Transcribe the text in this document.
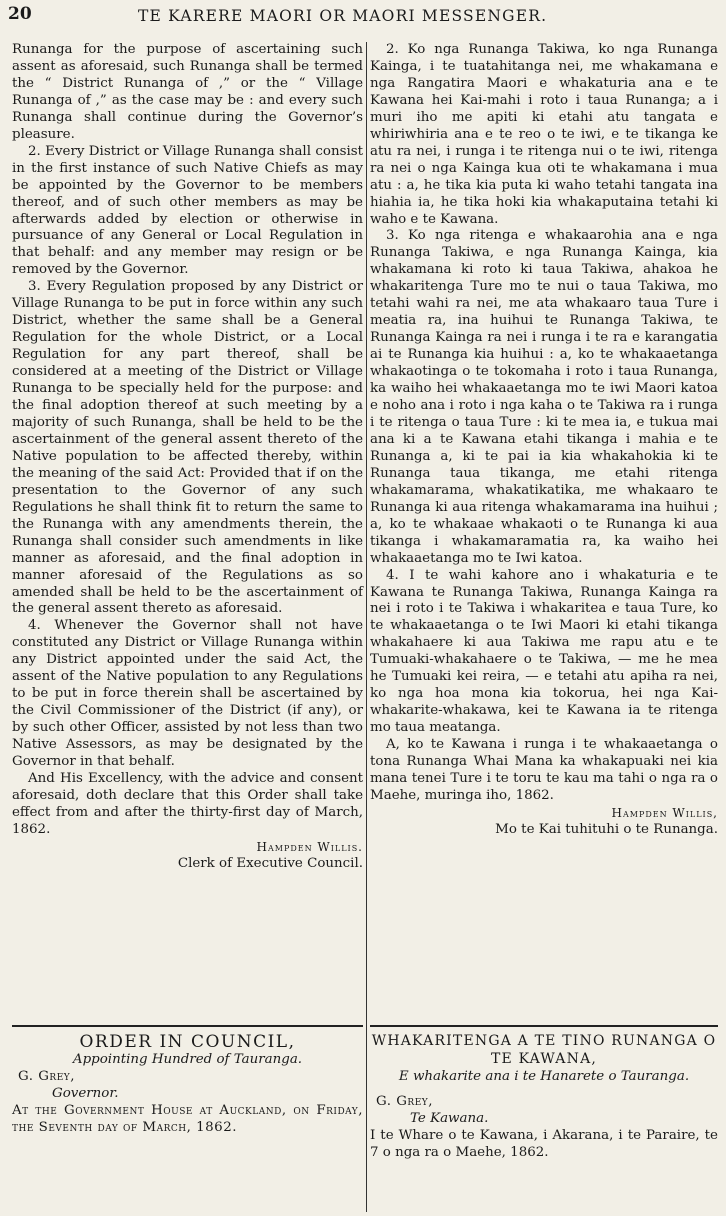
20	TE KARERE MAORI OR MAORI MESSENGER.

Runanga for the purpose of ascertaining such assent as aforesaid, such Runanga shall be termed the “ District Runanga of ,” or the “ Village Runanga of ,” as the case may be : and every such Runanga shall continue during the Governor’s pleasure.

2. Every District or Village Runanga shall consist in the first instance of such Native Chiefs as may be appointed by the Governor to be members thereof, and of such other members as may be afterwards added by election or otherwise in pursuance of any General or Local Regulation in that behalf: and any member may resign or be removed by the Governor.

3. Every Regulation proposed by any District or Village Runanga to be put in force within any such District, whether the same shall be a General Regulation for the whole District, or a Local Regulation for any part thereof, shall be considered at a meeting of the District or Village Runanga to be specially held for the purpose: and the final adoption thereof at such meeting by a majority of such Runanga, shall be held to be the ascertainment of the general assent thereto of the Native population to be affected thereby, within the meaning of the said Act: Provided that if on the presentation to the Governor of any such Regulations he shall think fit to return the same to the Runanga with any amendments therein, the Runanga shall consider such amendments in like manner as aforesaid, and the final adoption in manner aforesaid of the Regulations as so amended shall be held to be the ascertainment of the general assent thereto as aforesaid.

4. Whenever the Governor shall not have constituted any District or Village Runanga within any District appointed under the said Act, the assent of the Native population to any Regulations to be put in force therein shall be ascertained by the Civil Commissioner of the District (if any), or by such other Officer, assisted by not less than two Native Assessors, as may be designated by the Governor in that behalf.

And His Excellency, with the advice and consent aforesaid, doth declare that this Order shall take effect from and after the thirty-first day of March, 1862.

Hampden Willis.

Clerk of Executive Council.

2. Ko nga Runanga Takiwa, ko nga Runanga Kainga, i te tuatahitanga nei, me whakamana e nga Rangatira Maori e whakaturia ana e te Kawana hei Kai-mahi i roto i taua Runanga; a i muri iho me apiti ki etahi atu tangata e whiriwhiria ana e te reo o te iwi, e te tikanga ke atu ra nei, i runga i te ritenga nui o te iwi, ritenga ra nei o nga Kainga kua oti te whakamana i mua atu : a, he tika kia puta ki waho tetahi tangata ina hiahia ia, he tika hoki kia whakaputaina tetahi ki waho e te Kawana.

3. Ko nga ritenga e whakaarohia ana e nga Runanga Takiwa, e nga Runanga Kainga, kia whakamana ki roto ki taua Takiwa, ahakoa he whakaritenga Ture mo te nui o taua Takiwa, mo tetahi wahi ra nei, me ata whakaaro taua Ture i meatia ra, ina huihui te Runanga Takiwa, te Runanga Kainga ra nei i runga i te ra e karangatia ai te Runanga kia huihui : a, ko te whakaaetanga whakaotinga o te tokomaha i roto i taua Runanga, ka waiho hei whakaaetanga mo te iwi Maori katoa e noho ana i roto i nga kaha o te Takiwa ra i runga i te ritenga o taua Ture : ki te mea ia, e tukua mai ana ki a te Kawana etahi tikanga i mahia e te Runanga a, ki te pai ia kia whakahokia ki te Runanga taua tikanga, me etahi ritenga whakamarama, whakatikatika, me whakaaro te Runanga ki aua ritenga whakamarama ina huihui ; a, ko te whakaae whakaoti o te Runanga ki aua tikanga i whakamaramatia ra, ka waiho hei whakaaetanga mo te Iwi katoa.

4. I te wahi kahore ano i whakaturia e te Kawana te Runanga Takiwa, Runanga Kainga ra nei i roto i te Takiwa i whakaritea e taua Ture, ko te whakaaetanga o te Iwi Maori ki etahi tikanga whakahaere ki aua Takiwa me rapu atu e te Tumuaki-whakahaere o te Takiwa, — me he mea he Tumuaki kei reira, — e tetahi atu apiha ra nei, ko nga hoa mona kia tokorua, hei nga Kai-whakarite-whakawa, kei te Kawana ia te ritenga mo taua meatanga.

A, ko te Kawana i runga i te whakaaetanga o tona Runanga Whai Mana ka whakapuaki nei kia mana tenei Ture i te toru te kau ma tahi o nga ra o Maehe, muringa iho, 1862.

Hampden Willis,

Mo te Kai tuhituhi o te Runanga.

ORDER IN COUNCIL,
Appointing Hundred of Tauranga.
G. Grey,
Governor.
At the Government House at Auckland, on Friday, the Seventh day of March, 1862.
WHAKARITENGA A TE TINO RUNANGA O TE KAWANA,
E whakarite ana i te Hanarete o Tauranga.
G. Grey,
Te Kawana.
I te Whare o te Kawana, i Akarana, i te Paraire, te 7 o nga ra o Maehe, 1862.
